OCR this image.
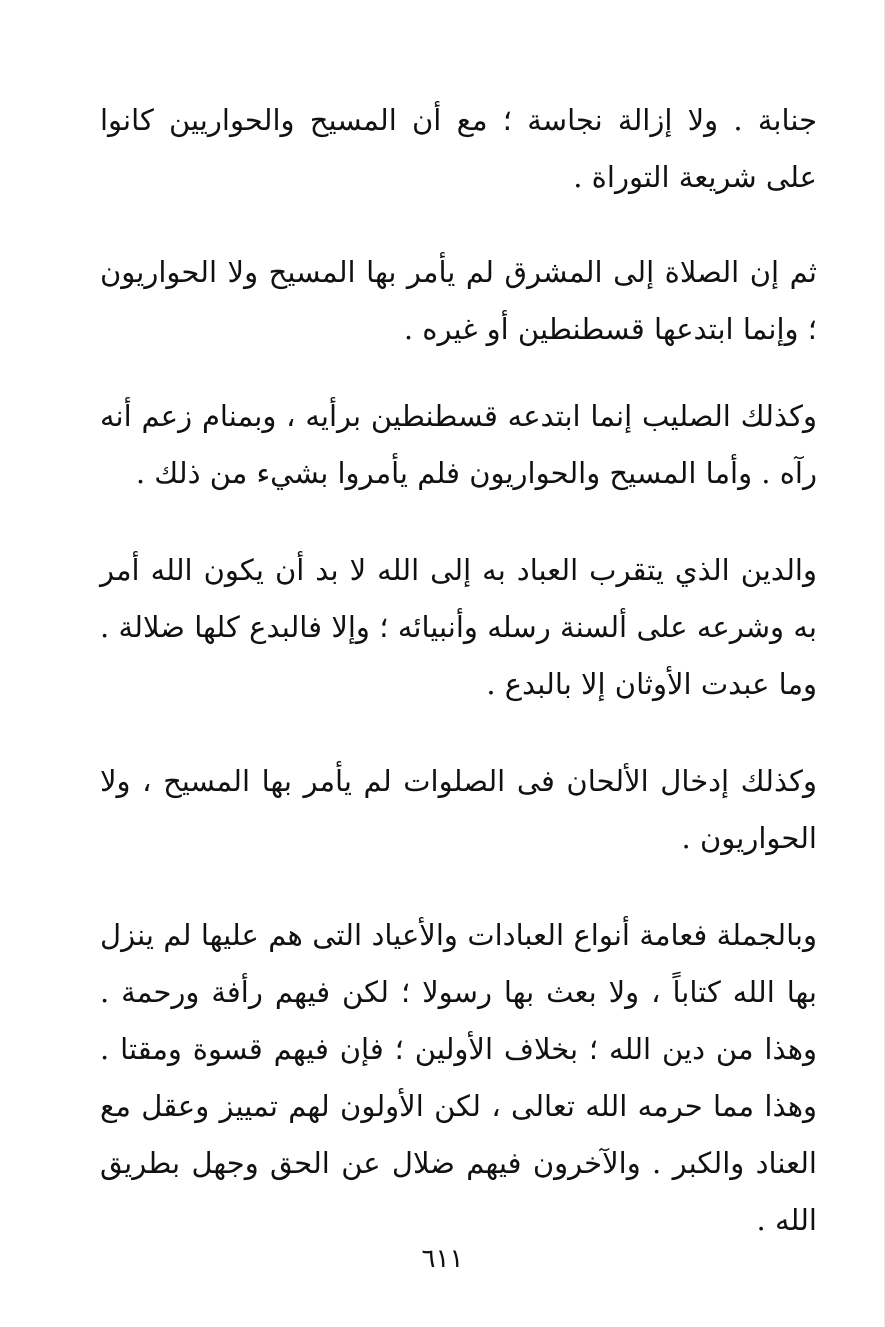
جنابة . ولا إزالة نجاسة ؛ مع أن المسيح والحواريين كانوا على شريعة التوراة .

ثم إن الصلاة إلى المشرق لم يأمر بها المسيح ولا الحواريون ؛ وإنما ابتدعها قسطنطين أو غيره .

وكذلك الصليب إنما ابتدعه قسطنطين برأيه ، وبمنام زعم أنه رآه . وأما المسيح والحواريون فلم يأمروا بشيء من ذلك .

والدين الذي يتقرب العباد به إلى الله لا بد أن يكون الله أمر به وشرعه على ألسنة رسله وأنبيائه ؛ وإلا فالبدع كلها ضلالة . وما عبدت الأوثان إلا بالبدع .

وكذلك إدخال الألحان فى الصلوات لم يأمر بها المسيح ، ولا الحواريون .

وبالجملة فعامة أنواع العبادات والأعياد التى هم عليها لم ينزل بها الله كتاباً ، ولا بعث بها رسولا ؛ لكن فيهم رأفة ورحمة . وهذا من دين الله ؛ بخلاف الأولين ؛ فإن فيهم قسوة ومقتا . وهذا مما حرمه الله تعالى ، لكن الأولون لهم تمييز وعقل مع العناد والكبر . والآخرون فيهم ضلال عن الحق وجهل بطريق الله .

٦١١
